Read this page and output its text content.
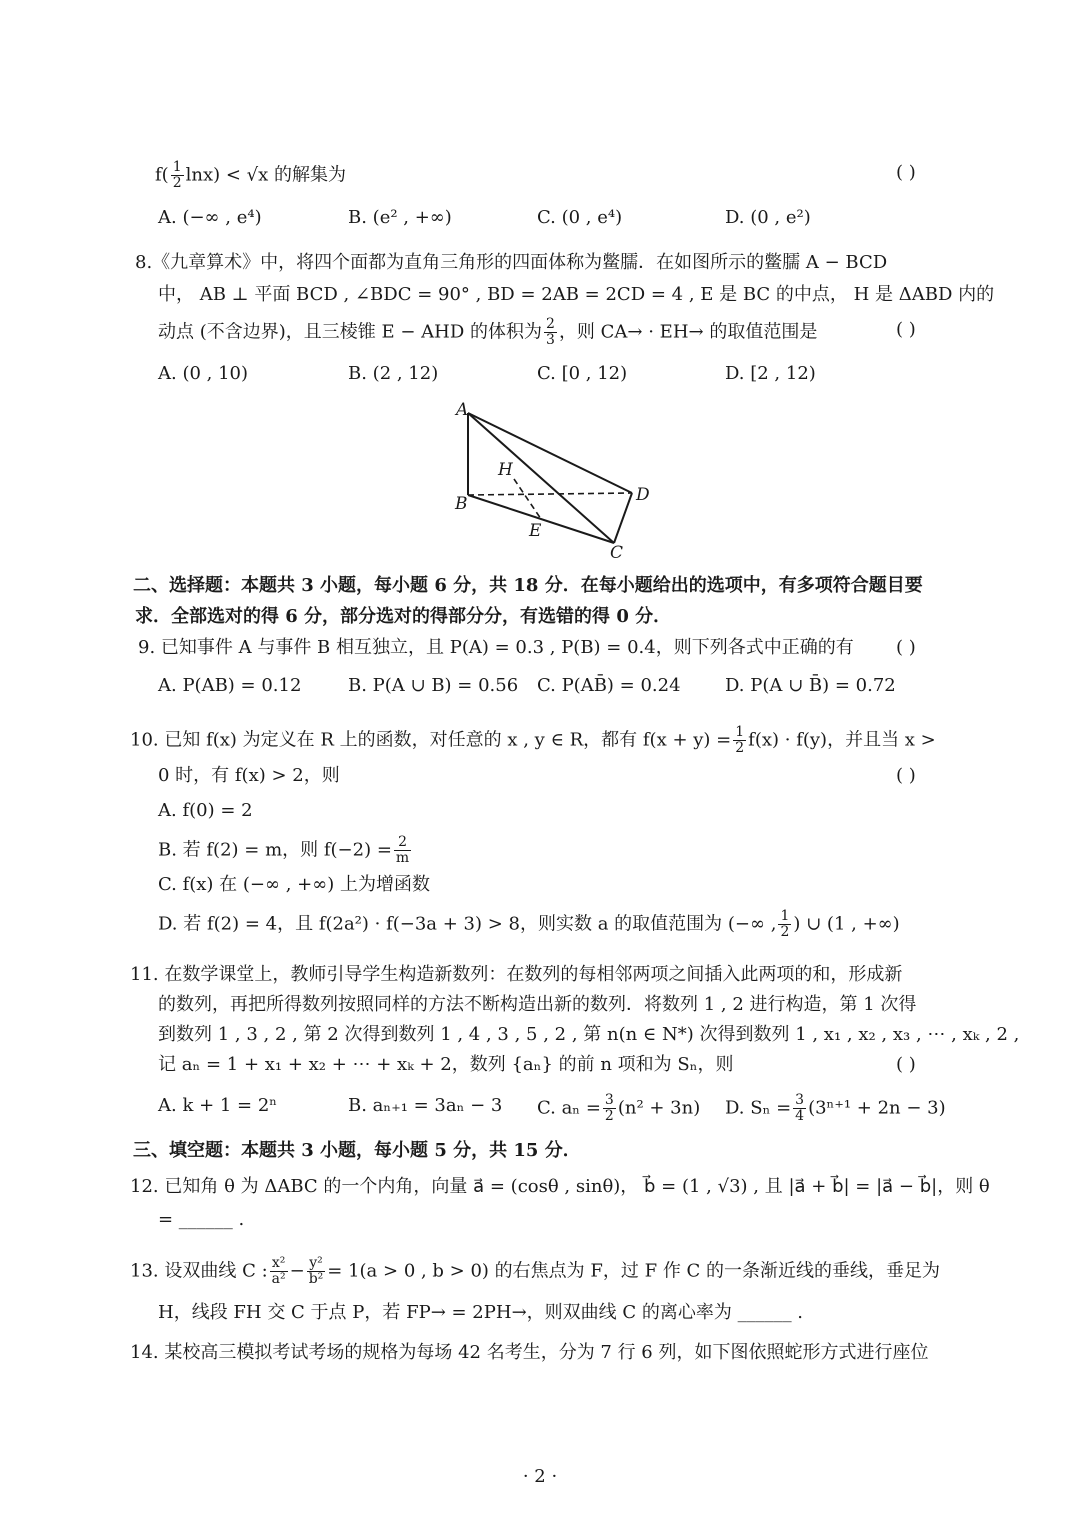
$f( \frac{1}{2} \ln x) < √x$ 的解集为	( )
A. (−∞ , e⁴)	B. (e² , +∞)	C. (0 , e⁴)	D. (0 , e²)
8.《九章算术》中，将四个面都为直角三角形的四面体称为鳖臑．在如图所示的鳖臑 A − BCD
中， AB ⊥ 平面 BCD , ∠BDC = 90° , BD = 2AB = 2CD = 4 , E 是 BC 的中点， H 是 ΔABD 内的
动点 (不含边界)，且三棱锥 E − AHD 的体积为 $\frac{2}{3}$ ，则 CA→ · EH→ 的取值范围是	( )
A. (0 , 10)	B. (2 , 12)	C. [0 , 12)	D. [2 , 12)
A
B
C
D
E
H
二、选择题：本题共 3 小题，每小题 6 分，共 18 分．在每小题给出的选项中，有多项符合题目要
求．全部选对的得 6 分，部分选对的得部分分，有选错的得 0 分．
9. 已知事件 A 与事件 B 相互独立，且 P(A) = 0.3 , P(B) = 0.4，则下列各式中正确的有 ( )
A. P(AB) = 0.12	B. P(A ∪ B) = 0.56 C. P(AB̄) = 0.24 D. P(A ∪ B̄) = 0.72
10. 已知 f(x) 为定义在 R 上的函数，对任意的 x , y ∈ R，都有 $f(x + y) = \frac{1}{2} f(x) \cdot f(y)$，并且当 x >
0 时，有 f(x) > 2，则	( )
A. f(0) = 2
B. 若 f(2) = m，则 $f(-2) = \frac{2}{m}$
C. f(x) 在 (−∞ , +∞) 上为增函数
D. 若 f(2) = 4，且 f(2a²) · f(−3a + 3) > 8，则实数 a 的取值范围为 (−∞ , $\frac{1}{2}$ ) ∪ (1 , +∞)
11. 在数学课堂上，教师引导学生构造新数列：在数列的每相邻两项之间插入此两项的和，形成新
的数列，再把所得数列按照同样的方法不断构造出新的数列．将数列 1 , 2 进行构造，第 1 次得
到数列 1 , 3 , 2 , 第 2 次得到数列 1 , 4 , 3 , 5 , 2 , 第 n(n ∈ N*) 次得到数列 1 , x₁ , x₂ , x₃ , ⋯ , xₖ , 2 ,
记 aₙ = 1 + x₁ + x₂ + ⋯ + xₖ + 2，数列 {aₙ} 的前 n 项和为 Sₙ，则	( )
A. k + 1 = 2ⁿ	B. aₙ₊₁ = 3aₙ − 3 C. $a_n = \frac{3}{2} (n^2 + 3n)$ D. $S_n = \frac{3}{4} (3^{n+1} + 2n - 3)$
三、填空题：本题共 3 小题，每小题 5 分，共 15 分．
12. 已知角 θ 为 ΔABC 的一个内角，向量 a⃗ = (cosθ , sinθ)， b⃗ = (1 , √3) , 且 |a⃗ + b⃗| = |a⃗ − b⃗|，则 θ
= ______ .
13. 设双曲线 C : $\frac{\text{x²}}{\text{a²}} - \frac{\text{y²}}{\text{b²}} = 1(a > 0$ , b > 0) 的右焦点为 F，过 F 作 C 的一条渐近线的垂线，垂足为
H，线段 FH 交 C 于点 P，若 FP→ = 2PH→，则双曲线 C 的离心率为 ______ .
14. 某校高三模拟考试考场的规格为每场 42 名考生，分为 7 行 6 列，如下图依照蛇形方式进行座位
· 2 ·
